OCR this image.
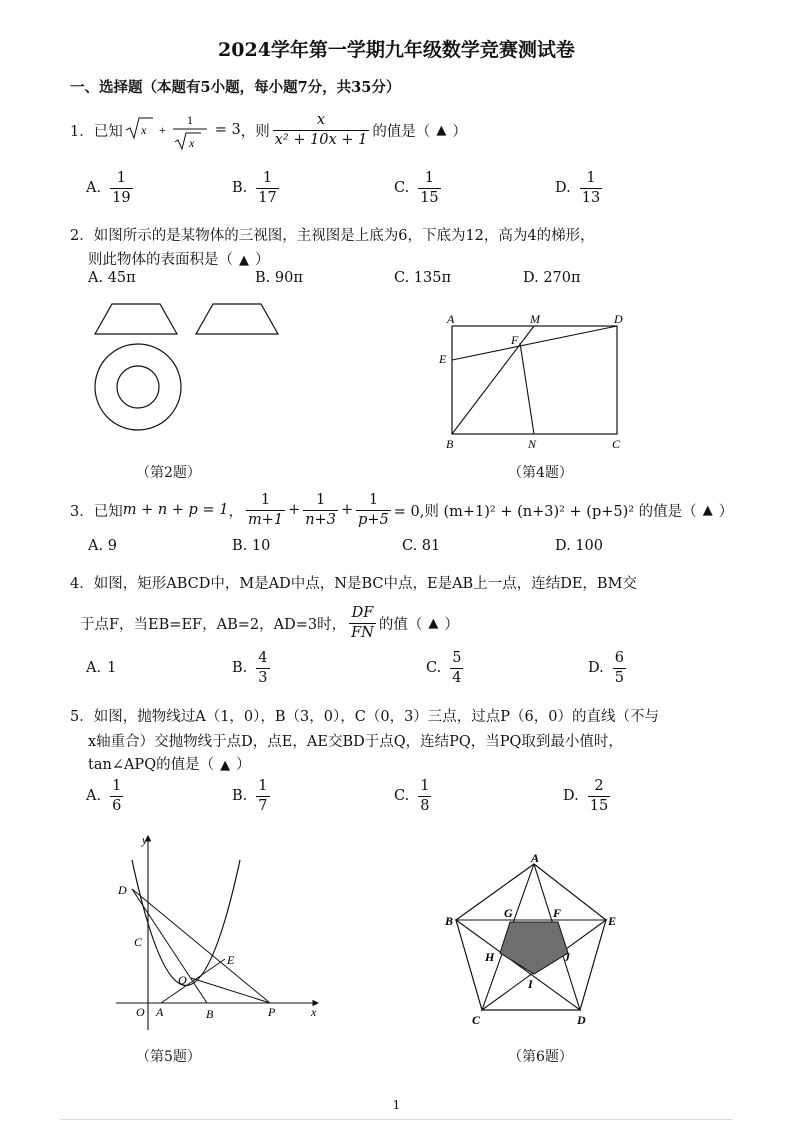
2024学年第一学期九年级数学竞赛测试卷
一、选择题（本题有5小题，每小题7分，共35分）
1．已知 x +
1
x
= 3 ，则 $\frac{x}{\text{x² + 10x + 1}}$ 的值是（ ▲ ）
A. $\frac{1}{19}$	B. $\frac{1}{17}$	C. $\frac{1}{15}$	D. $\frac{1}{13}$
2．如图所示的是某物体的三视图，主视图是上底为6，下底为12，高为4的梯形，
则此物体的表面积是（ ▲ ）
A. 45π	B. 90π	C. 135π	D. 270π
（第2题）
A	M	D
E
F
B	N	C
（第4题）
3．已知 m + n + p = 1 ， $\frac{1}{m+1} + \frac{1}{n+3} + \frac{1}{p+5} = 0$,则 (m+1)² + (n+3)² + (p+5)² 的值是（ ▲ ）
A. 9	B. 10	C. 81	D. 100
4．如图，矩形ABCD中，M是AD中点，N是BC中点，E是AB上一点，连结DE，BM交
于点F，当EB=EF，AB=2，AD=3时， $\frac{DF}{FN}$ 的值（ ▲ ）
A. 1	B. $\frac{4}{3}$	C. $\frac{5}{4}$	D. $\frac{6}{5}$
5．如图，抛物线过A（1，0），B（3，0），C（0，3）三点，过点P（6，0）的直线（不与
x轴重合）交抛物线于点D，点E，AE交BD于点Q，连结PQ，当PQ取到最小值时，
tan∠APQ的值是（ ▲ ）
A. $\frac{1}{6}$	B. $\frac{1}{7}$	C. $\frac{1}{8}$	D. $\frac{2}{15}$
y
x
O A	B
C
D
E
Q
P
（第5题）
A
B
C	D
E
F
G
H
I
J
（第6题）
1
